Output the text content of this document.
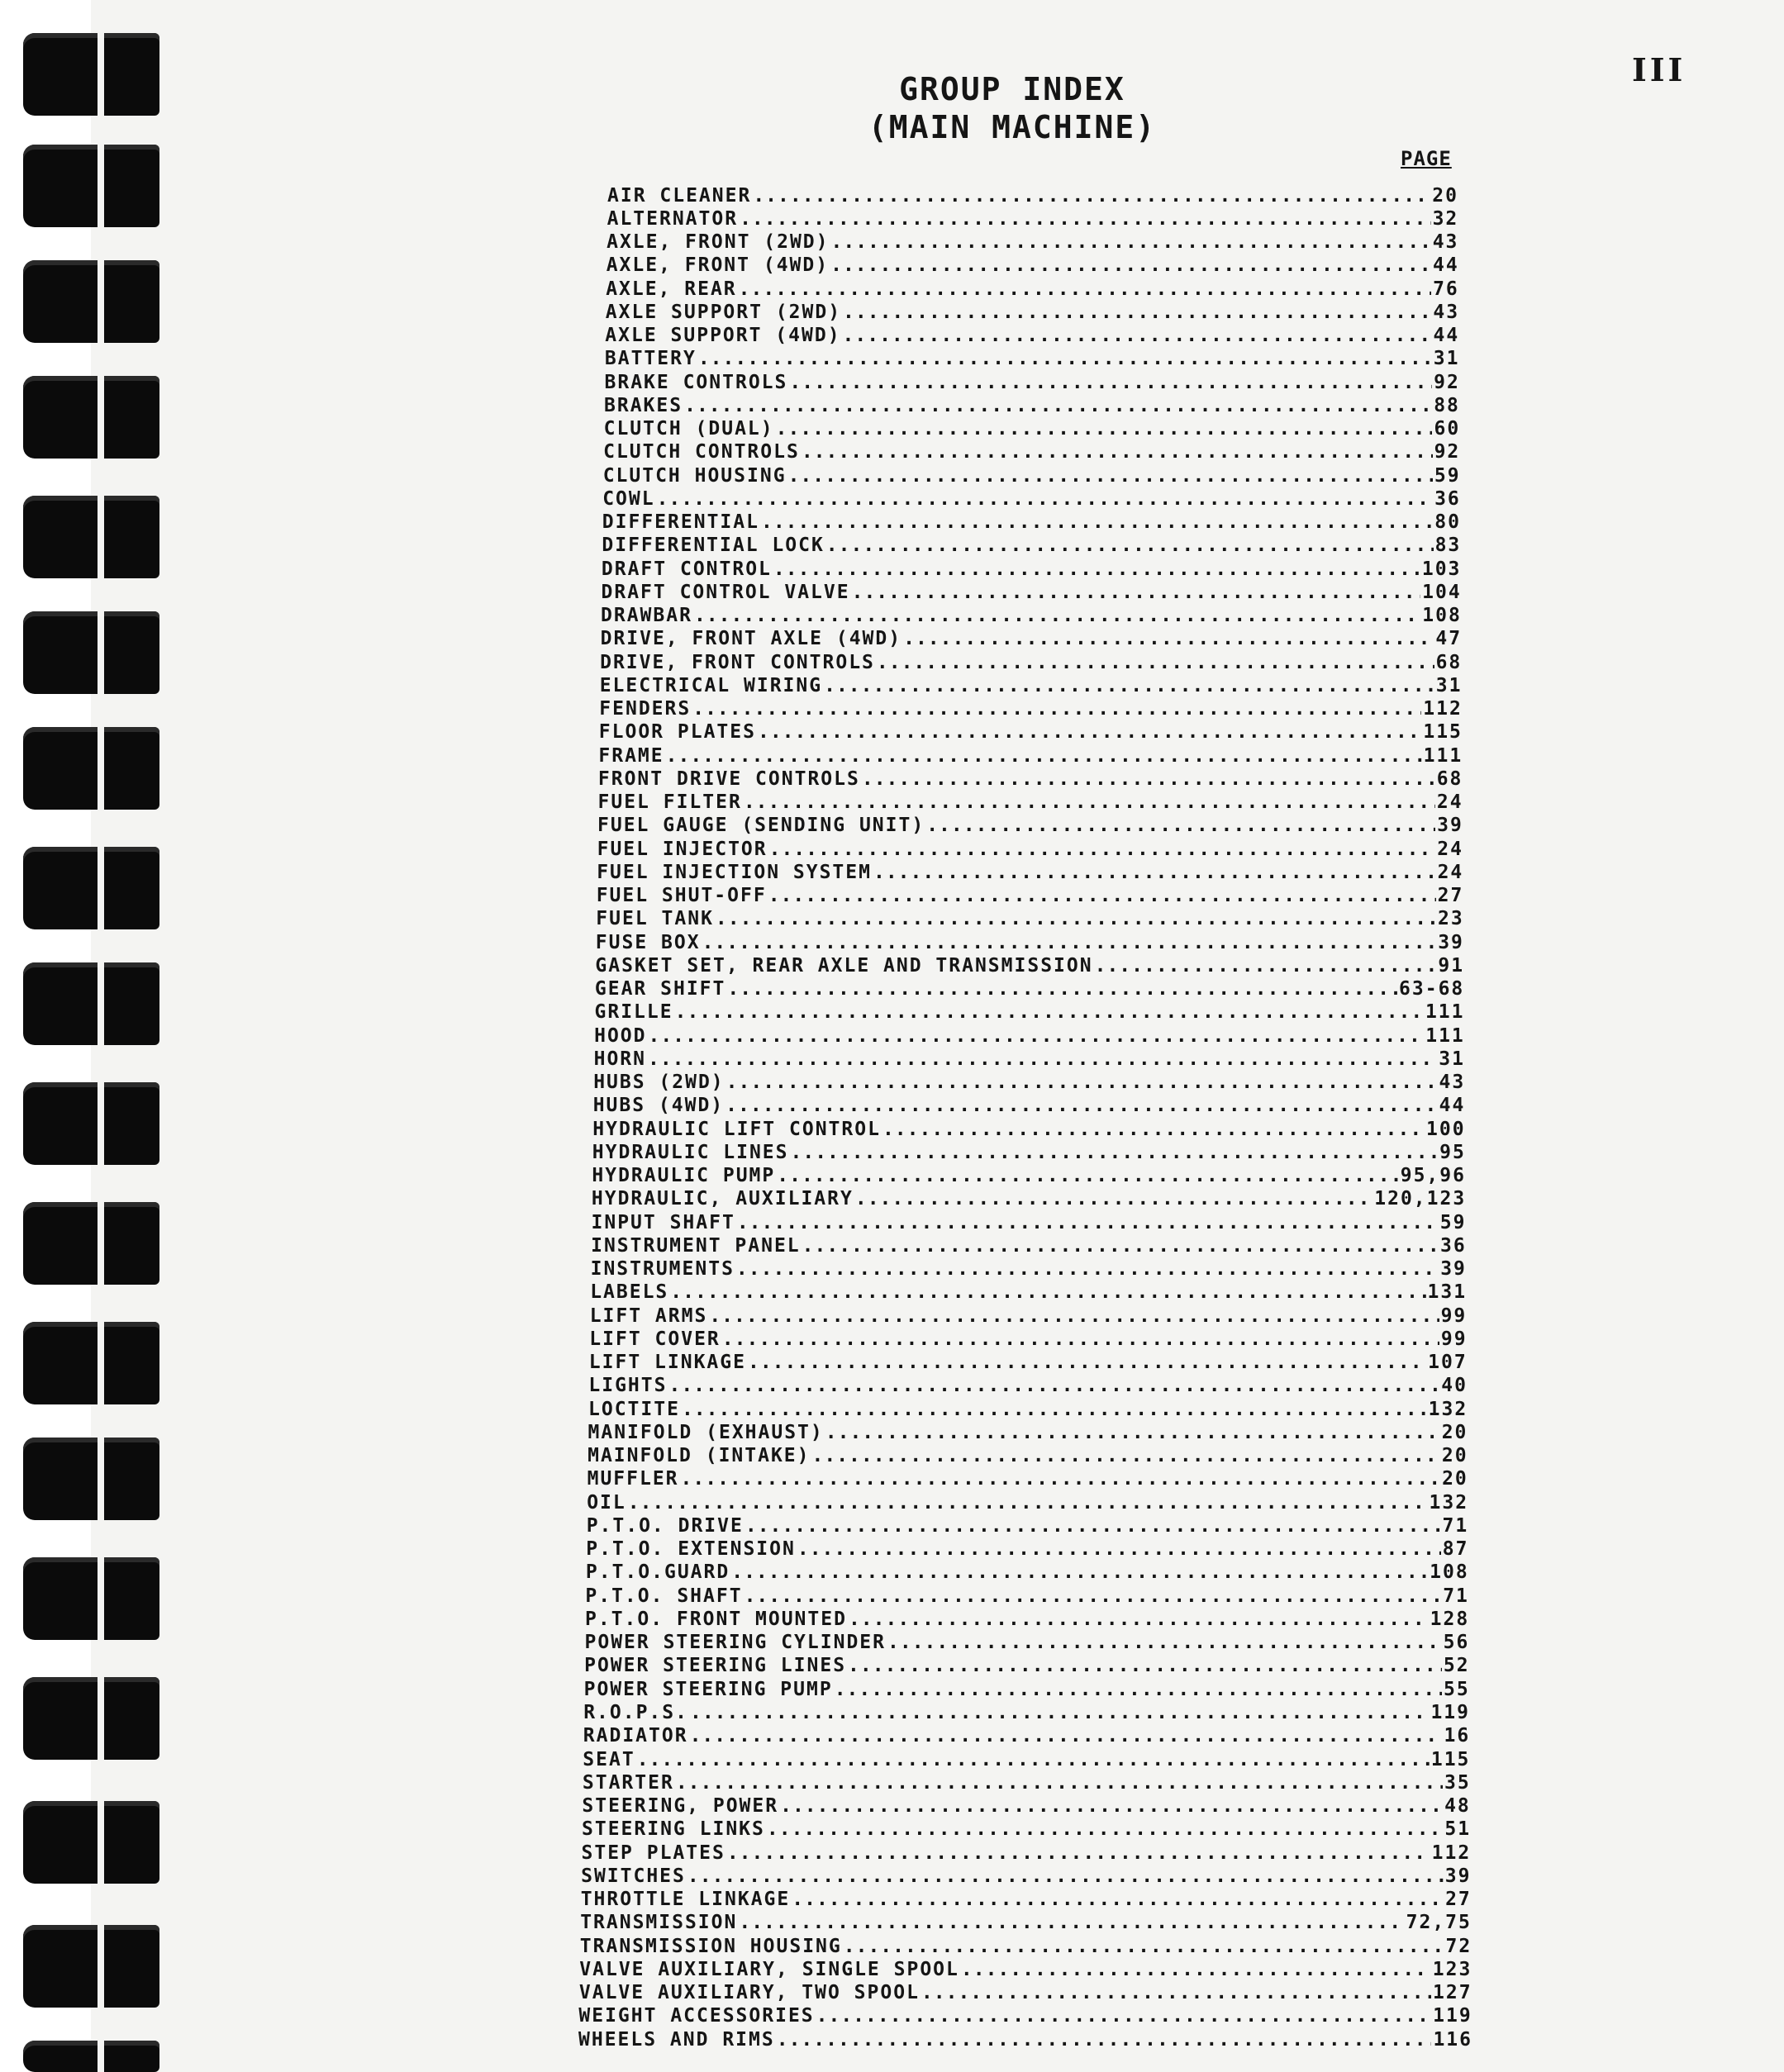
III
GROUP INDEX
(MAIN MACHINE)
PAGE
AIR CLEANER .....	20
ALTERNATOR .....	32
AXLE, FRONT (2WD) .....	43
AXLE, FRONT (4WD) .....	44
AXLE, REAR .....	76
AXLE SUPPORT (2WD) .....	43
AXLE SUPPORT (4WD) .....	44
BATTERY .....	31
BRAKE CONTROLS .....	92
BRAKES .....	88
CLUTCH (DUAL) .....	60
CLUTCH CONTROLS .....	92
CLUTCH HOUSING .....	59
COWL .....	36
DIFFERENTIAL .....	80
DIFFERENTIAL LOCK .....	83
DRAFT CONTROL .....	103
DRAFT CONTROL VALVE .....	104
DRAWBAR .....	108
DRIVE, FRONT AXLE (4WD) .....	47
DRIVE, FRONT CONTROLS .....	68
ELECTRICAL WIRING .....	31
FENDERS .....	112
FLOOR PLATES .....	115
FRAME .....	111
FRONT DRIVE CONTROLS .....	68
FUEL FILTER .....	24
FUEL GAUGE (SENDING UNIT) .....	39
FUEL INJECTOR .....	24
FUEL INJECTION SYSTEM .....	24
FUEL SHUT-OFF .....	27
FUEL TANK .....	23
FUSE BOX .....	39
GASKET SET, REAR AXLE AND TRANSMISSION .....	91
GEAR SHIFT .....	63-68
GRILLE .....	111
HOOD .....	111
HORN .....	31
HUBS (2WD) .....	43
HUBS (4WD) .....	44
HYDRAULIC LIFT CONTROL .....	100
HYDRAULIC LINES .....	95
HYDRAULIC PUMP .....	95,96
HYDRAULIC, AUXILIARY .....	120,123
INPUT SHAFT .....	59
INSTRUMENT PANEL .....	36
INSTRUMENTS .....	39
LABELS .....	131
LIFT ARMS .....	99
LIFT COVER .....	99
LIFT LINKAGE .....	107
LIGHTS .....	40
LOCTITE .....	132
MANIFOLD (EXHAUST) .....	20
MAINFOLD (INTAKE) .....	20
MUFFLER .....	20
OIL .....	132
P.T.O. DRIVE .....	71
P.T.O. EXTENSION .....	87
P.T.O.GUARD .....	108
P.T.O. SHAFT .....	71
P.T.O. FRONT MOUNTED .....	128
POWER STEERING CYLINDER .....	56
POWER STEERING LINES .....	52
POWER STEERING PUMP .....	55
R.O.P.S. .....	119
RADIATOR .....	16
SEAT .....	115
STARTER .....	35
STEERING, POWER .....	48
STEERING LINKS .....	51
STEP PLATES .....	112
SWITCHES .....	39
THROTTLE LINKAGE .....	27
TRANSMISSION .....	72,75
TRANSMISSION HOUSING .....	72
VALVE AUXILIARY, SINGLE SPOOL .....	123
VALVE AUXILIARY, TWO SPOOL .....	127
WEIGHT ACCESSORIES .....	119
WHEELS AND RIMS .....	116
